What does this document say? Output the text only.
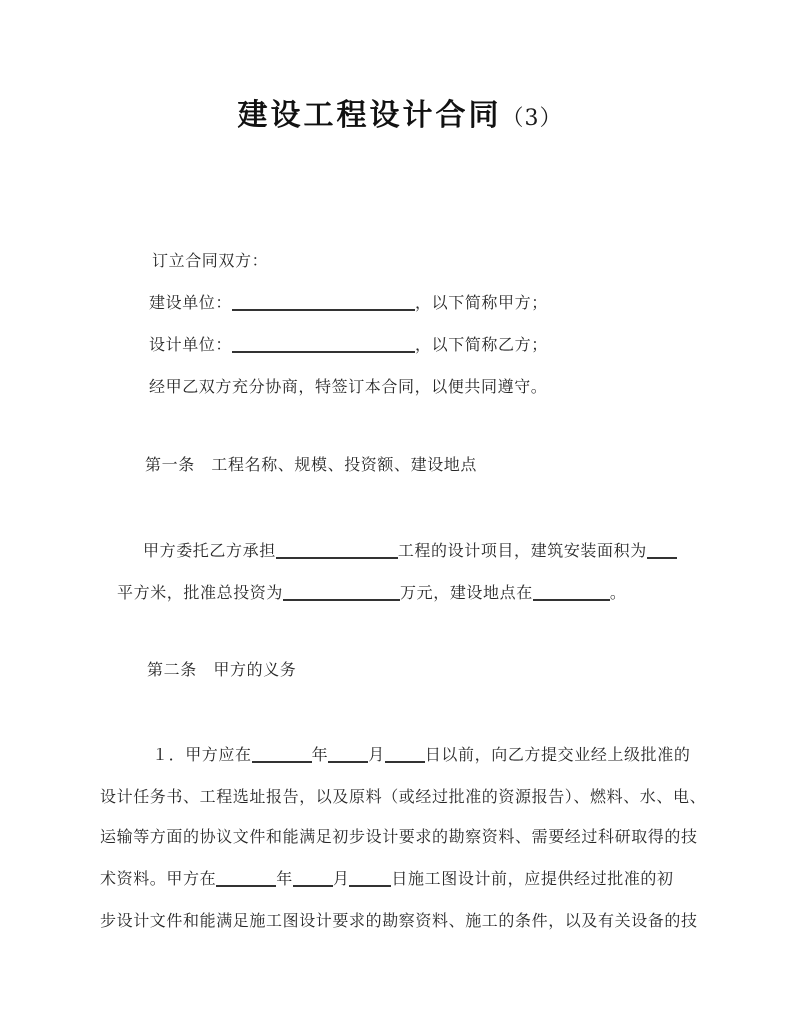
建设工程设计合同（3）
订立合同双方：
建设单位：	，以下简称甲方；
设计单位：	，以下简称乙方；
经甲乙双方充分协商，特签订本合同，以便共同遵守。
第一条　工程名称、规模、投资额、建设地点
甲方委托乙方承担	工程的设计项目，建筑安装面积为
平方米，批准总投资为	万元，建设地点在	。
第二条　甲方的义务
１．甲方应在	年	月	日以前，向乙方提交业经上级批准的
设计任务书、工程选址报告，以及原料（或经过批准的资源报告）、燃料、水、电、
运输等方面的协议文件和能满足初步设计要求的勘察资料、需要经过科研取得的技
术资料。甲方在	年	月	日施工图设计前，应提供经过批准的初
步设计文件和能满足施工图设计要求的勘察资料、施工的条件，以及有关设备的技
